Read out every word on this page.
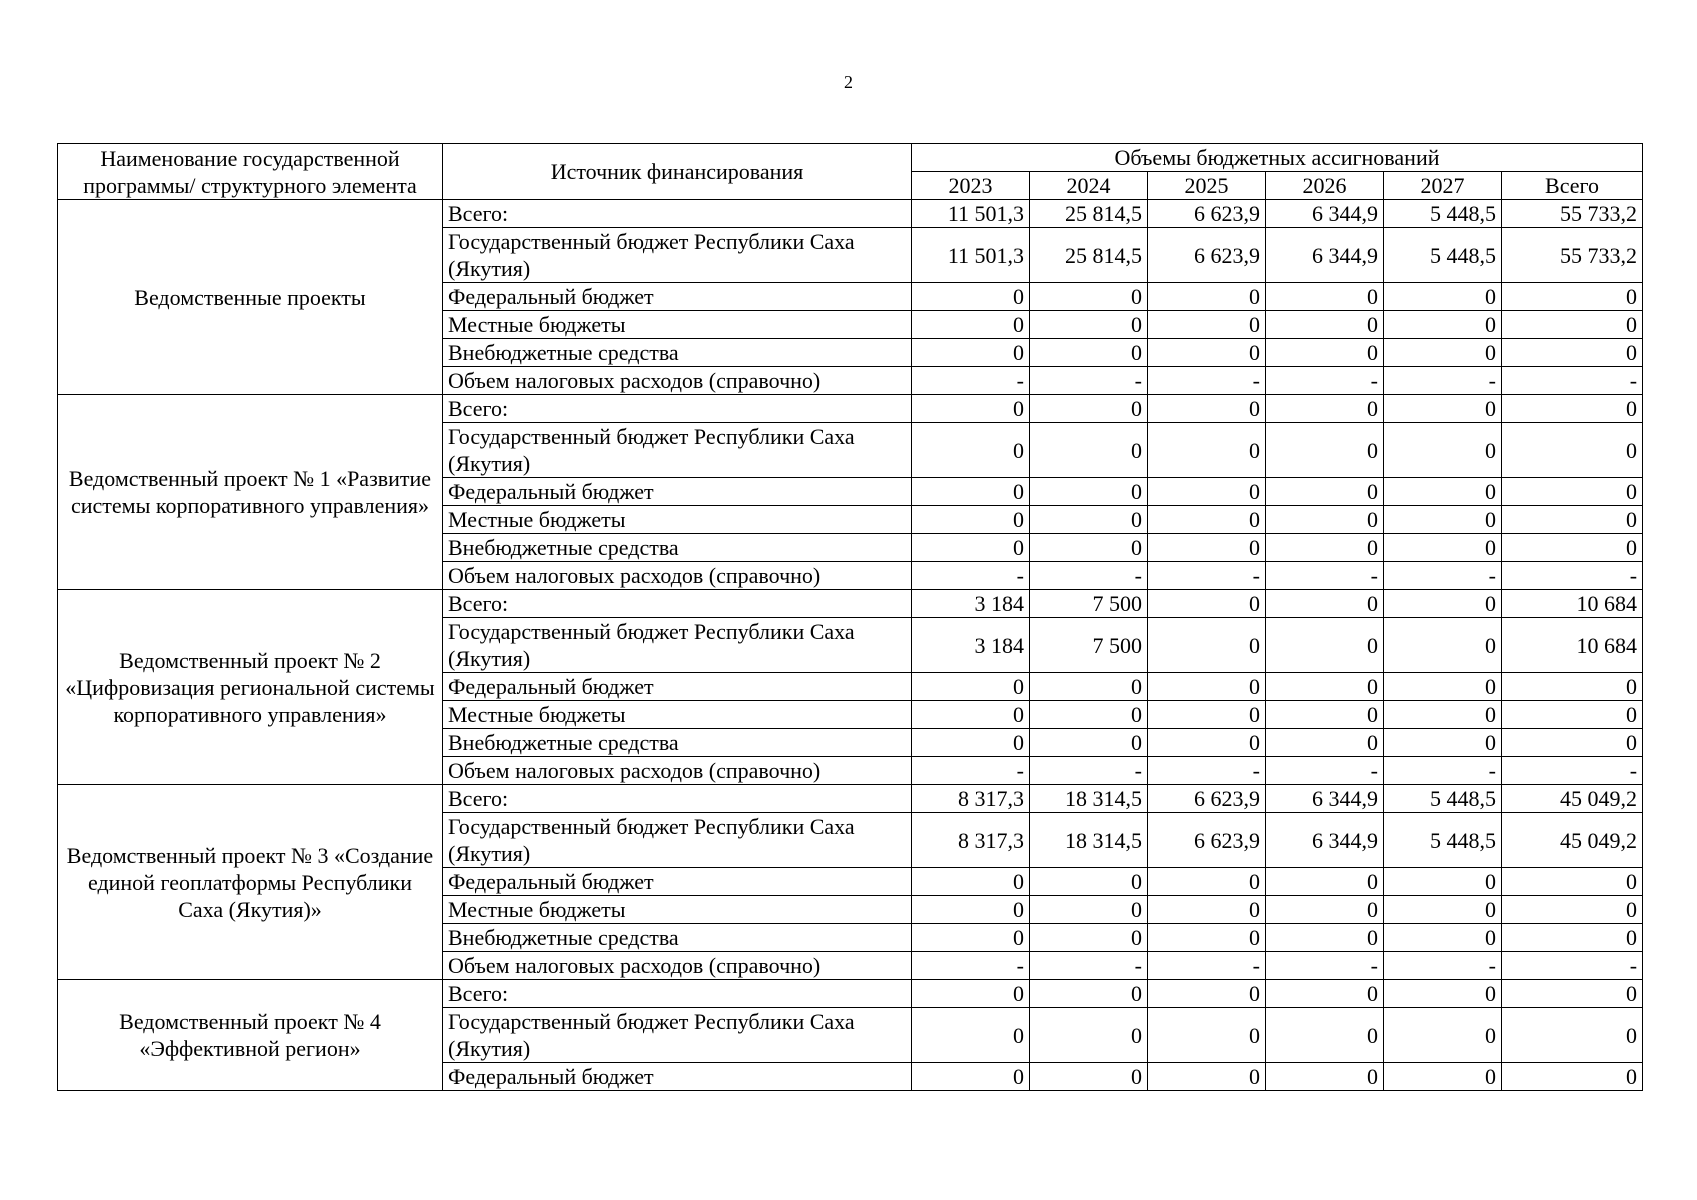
2
Наименование государственной программы/ структурного элемента	Источник финансирования	Объемы бюджетных ассигнований					
		2023	2024	2025	2026	2027	Всего
Ведомственные проекты	Всего:	11 501,3	25 814,5	6 623,9	6 344,9	5 448,5	55 733,2
	Государственный бюджет Республики Саха (Якутия)	11 501,3	25 814,5	6 623,9	6 344,9	5 448,5	55 733,2
	Федеральный бюджет	0	0	0	0	0	0
	Местные бюджеты	0	0	0	0	0	0
	Внебюджетные средства	0	0	0	0	0	0
	Объем налоговых расходов (справочно)	-	-	-	-	-	-
Ведомственный проект № 1 «Развитие системы корпоративного управления»	Всего:	0	0	0	0	0	0
	Государственный бюджет Республики Саха (Якутия)	0	0	0	0	0	0
	Федеральный бюджет	0	0	0	0	0	0
	Местные бюджеты	0	0	0	0	0	0
	Внебюджетные средства	0	0	0	0	0	0
	Объем налоговых расходов (справочно)	-	-	-	-	-	-
Ведомственный проект № 2 «Цифровизация региональной системы корпоративного управления»	Всего:	3 184	7 500	0	0	0	10 684
	Государственный бюджет Республики Саха (Якутия)	3 184	7 500	0	0	0	10 684
	Федеральный бюджет	0	0	0	0	0	0
	Местные бюджеты	0	0	0	0	0	0
	Внебюджетные средства	0	0	0	0	0	0
	Объем налоговых расходов (справочно)	-	-	-	-	-	-
Ведомственный проект № 3 «Создание единой геоплатформы Республики Саха (Якутия)»	Всего:	8 317,3	18 314,5	6 623,9	6 344,9	5 448,5	45 049,2
	Государственный бюджет Республики Саха (Якутия)	8 317,3	18 314,5	6 623,9	6 344,9	5 448,5	45 049,2
	Федеральный бюджет	0	0	0	0	0	0
	Местные бюджеты	0	0	0	0	0	0
	Внебюджетные средства	0	0	0	0	0	0
	Объем налоговых расходов (справочно)	-	-	-	-	-	-
Ведомственный проект № 4 «Эффективной регион»	Всего:	0	0	0	0	0	0
	Государственный бюджет Республики Саха (Якутия)	0	0	0	0	0	0
	Федеральный бюджет	0	0	0	0	0	0
